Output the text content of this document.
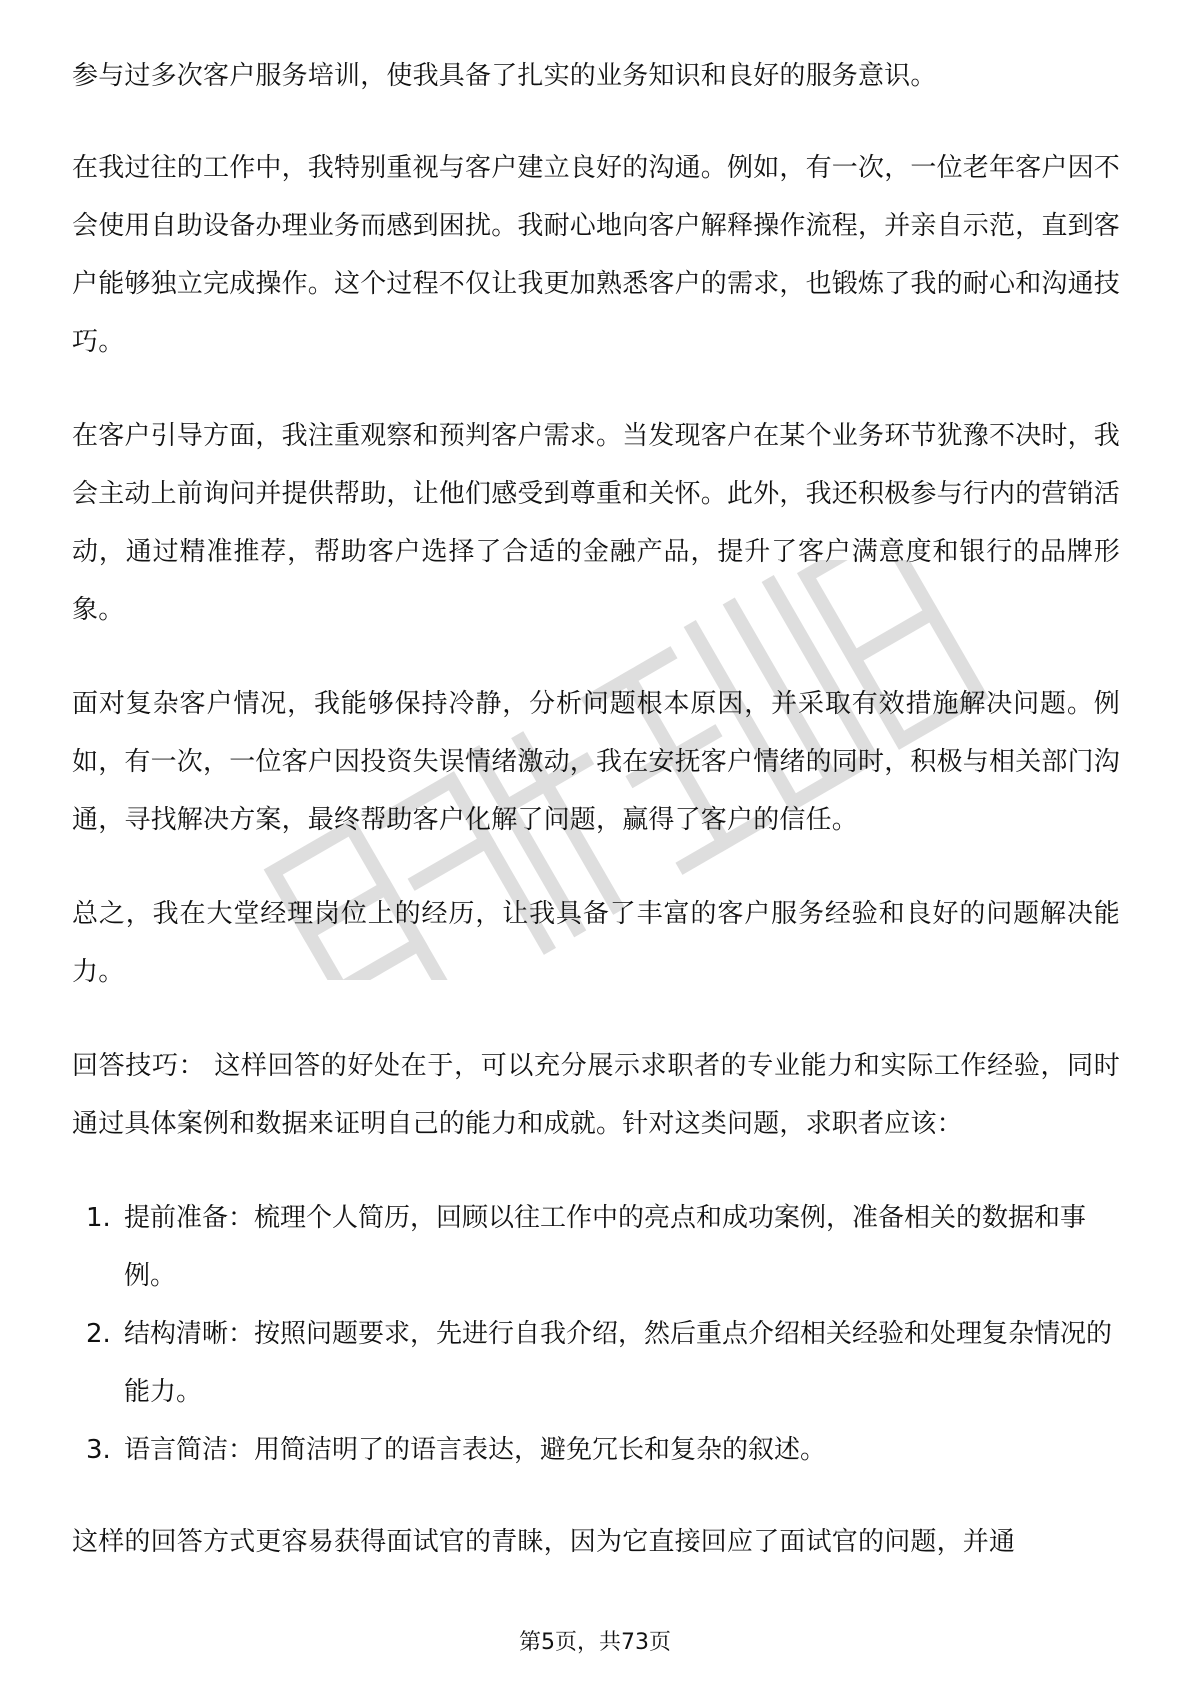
参与过多次客户服务培训，使我具备了扎实的业务知识和良好的服务意识。

在我过往的工作中，我特别重视与客户建立良好的沟通。例如，有一次，一位老年客户因不会使用自助设备办理业务而感到困扰。我耐心地向客户解释操作流程，并亲自示范，直到客户能够独立完成操作。这个过程不仅让我更加熟悉客户的需求，也锻炼了我的耐心和沟通技巧。

在客户引导方面，我注重观察和预判客户需求。当发现客户在某个业务环节犹豫不决时，我会主动上前询问并提供帮助，让他们感受到尊重和关怀。此外，我还积极参与行内的营销活动，通过精准推荐，帮助客户选择了合适的金融产品，提升了客户满意度和银行的品牌形象。

面对复杂客户情况，我能够保持冷静，分析问题根本原因，并采取有效措施解决问题。例如，有一次，一位客户因投资失误情绪激动，我在安抚客户情绪的同时，积极与相关部门沟通，寻找解决方案，最终帮助客户化解了问题，赢得了客户的信任。

总之，我在大堂经理岗位上的经历，让我具备了丰富的客户服务经验和良好的问题解决能力。

回答技巧： 这样回答的好处在于，可以充分展示求职者的专业能力和实际工作经验，同时通过具体案例和数据来证明自己的能力和成就。针对这类问题，求职者应该：

1. 提前准备：梳理个人简历，回顾以往工作中的亮点和成功案例，准备相关的数据和事例。
2. 结构清晰：按照问题要求，先进行自我介绍，然后重点介绍相关经验和处理复杂情况的能力。
3. 语言简洁：用简洁明了的语言表达，避免冗长和复杂的叙述。

这样的回答方式更容易获得面试官的青睐，因为它直接回应了面试官的问题，并通

第5页，共73页
